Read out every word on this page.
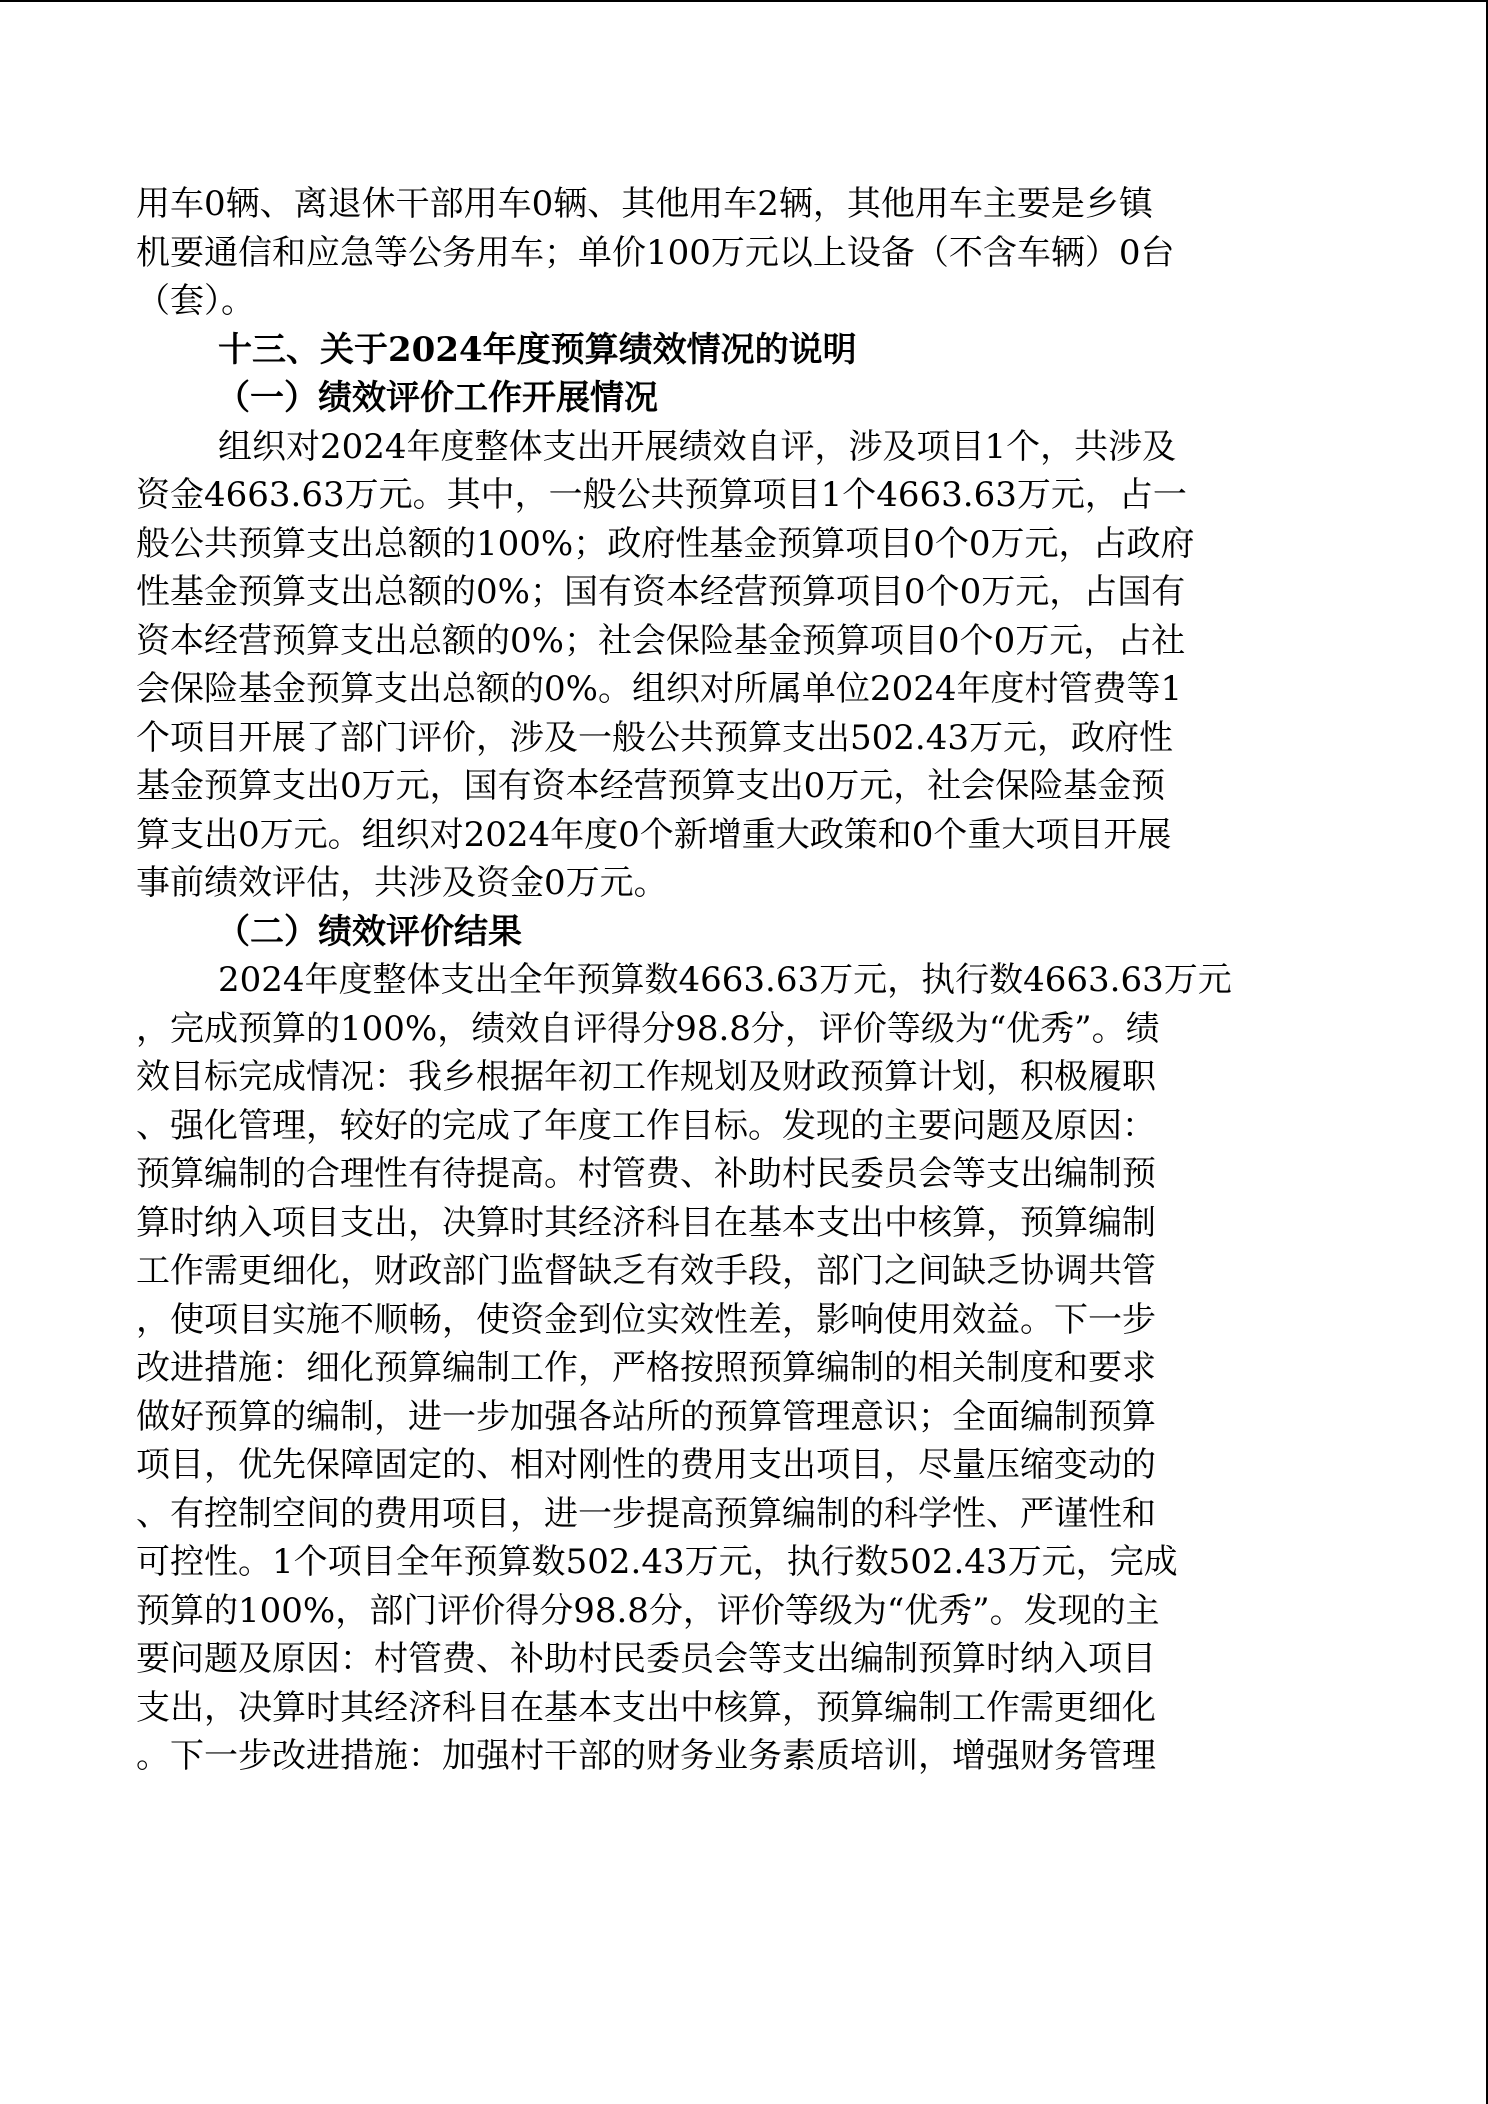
用车0辆、离退休干部用车0辆、其他用车2辆，其他用车主要是乡镇
机要通信和应急等公务用车；单价100万元以上设备（不含车辆）0台
（套）。
十三、关于2024年度预算绩效情况的说明
（一）绩效评价工作开展情况
组织对2024年度整体支出开展绩效自评，涉及项目1个，共涉及
资金4663.63万元。其中，一般公共预算项目1个4663.63万元，占一
般公共预算支出总额的100%；政府性基金预算项目0个0万元，占政府
性基金预算支出总额的0%；国有资本经营预算项目0个0万元，占国有
资本经营预算支出总额的0%；社会保险基金预算项目0个0万元，占社
会保险基金预算支出总额的0%。组织对所属单位2024年度村管费等1
个项目开展了部门评价，涉及一般公共预算支出502.43万元，政府性
基金预算支出0万元，国有资本经营预算支出0万元，社会保险基金预
算支出0万元。组织对2024年度0个新增重大政策和0个重大项目开展
事前绩效评估，共涉及资金0万元。
（二）绩效评价结果
2024年度整体支出全年预算数4663.63万元，执行数4663.63万元
，完成预算的100%，绩效自评得分98.8分，评价等级为“优秀”。绩
效目标完成情况：我乡根据年初工作规划及财政预算计划，积极履职
、强化管理，较好的完成了年度工作目标。发现的主要问题及原因：
预算编制的合理性有待提高。村管费、补助村民委员会等支出编制预
算时纳入项目支出，决算时其经济科目在基本支出中核算，预算编制
工作需更细化，财政部门监督缺乏有效手段，部门之间缺乏协调共管
，使项目实施不顺畅，使资金到位实效性差，影响使用效益。下一步
改进措施：细化预算编制工作，严格按照预算编制的相关制度和要求
做好预算的编制，进一步加强各站所的预算管理意识；全面编制预算
项目，优先保障固定的、相对刚性的费用支出项目，尽量压缩变动的
、有控制空间的费用项目，进一步提高预算编制的科学性、严谨性和
可控性。1个项目全年预算数502.43万元，执行数502.43万元，完成
预算的100%，部门评价得分98.8分，评价等级为“优秀”。发现的主
要问题及原因：村管费、补助村民委员会等支出编制预算时纳入项目
支出，决算时其经济科目在基本支出中核算，预算编制工作需更细化
。下一步改进措施：加强村干部的财务业务素质培训，增强财务管理
